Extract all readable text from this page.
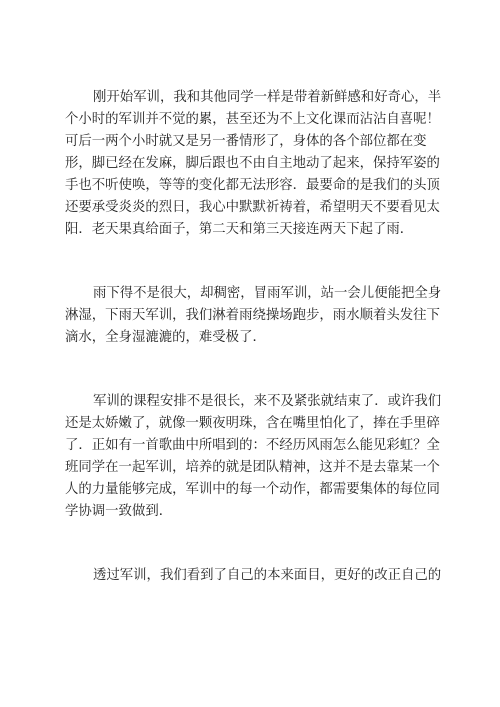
刚开始军训，我和其他同学一样是带着新鲜感和好奇心，半
个小时的军训并不觉的累，甚至还为不上文化课而沾沾自喜呢！
可后一两个小时就又是另一番情形了，身体的各个部位都在变
形，脚已经在发麻，脚后跟也不由自主地动了起来，保持军姿的
手也不听使唤，等等的变化都无法形容．最要命的是我们的头顶
还要承受炎炎的烈日，我心中默默祈祷着，希望明天不要看见太
阳．老天果真给面子，第二天和第三天接连两天下起了雨．
雨下得不是很大，却稠密，冒雨军训，站一会儿便能把全身
淋湿，下雨天军训，我们淋着雨绕操场跑步，雨水顺着头发往下
滴水，全身湿漉漉的，难受极了．
军训的课程安排不是很长，来不及紧张就结束了．或许我们
还是太娇嫩了，就像一颗夜明珠，含在嘴里怕化了，捧在手里碎
了．正如有一首歌曲中所唱到的：不经历风雨怎么能见彩虹？全
班同学在一起军训，培养的就是团队精神，这并不是去靠某一个
人的力量能够完成，军训中的每一个动作，都需要集体的每位同
学协调一致做到．
透过军训，我们看到了自己的本来面目，更好的改正自己的
